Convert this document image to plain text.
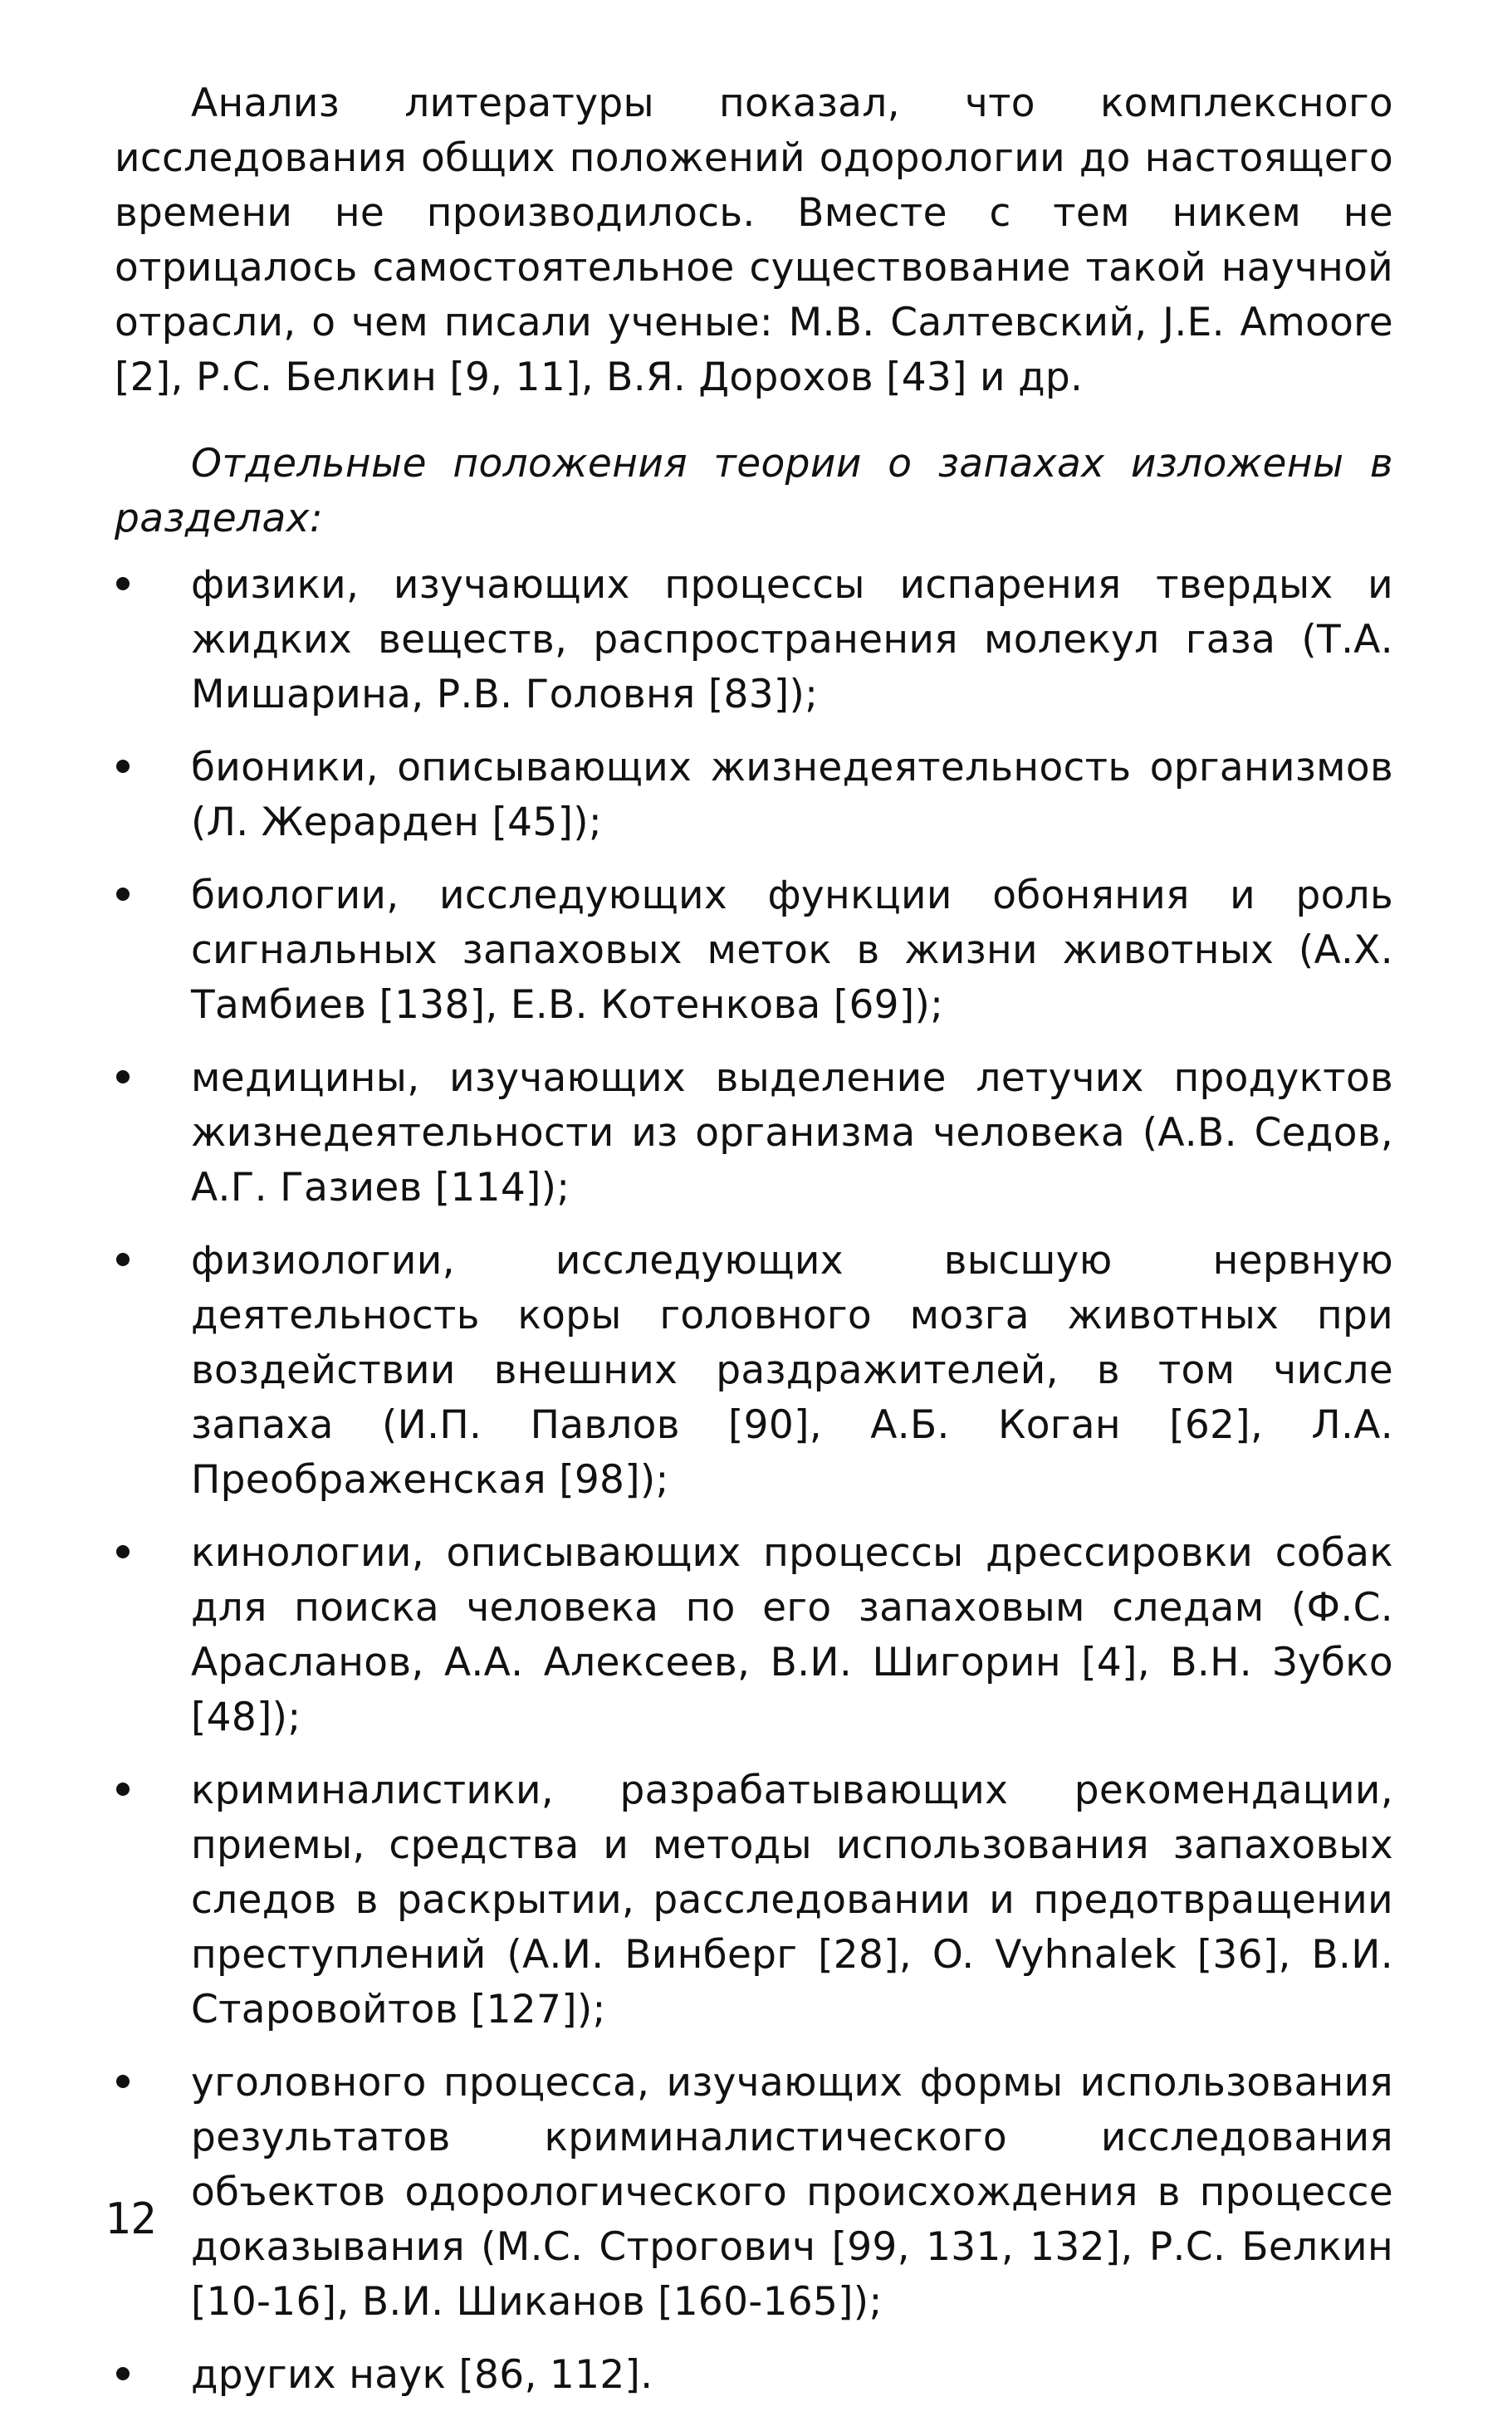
Анализ литературы показал, что комплексного исследования общих положений одорологии до настоящего времени не производилось. Вместе с тем никем не отрицалось самостоятельное существование такой научной отрасли, о чем писали ученые: М.В. Салтевский, J.E. Amoore [2], Р.С. Белкин [9, 11], В.Я. Дорохов [43] и др.

Отдельные положения теории о запахах изложены в разделах:

физики, изучающих процессы испарения твердых и жидких веществ, распространения молекул газа (Т.А. Мишарина, Р.В. Головня [83]);
бионики, описывающих жизнедеятельность организмов (Л. Жерарден [45]);
биологии, исследующих функции обоняния и роль сигнальных запаховых меток в жизни животных (А.Х. Тамбиев [138], Е.В. Котенкова [69]);
медицины, изучающих выделение летучих продуктов жизнедеятельности из организма человека (А.В. Седов, А.Г. Газиев [114]);
физиологии, исследующих высшую нервную деятельность коры головного мозга животных при воздействии внешних раздражителей, в том числе запаха (И.П. Павлов [90], А.Б. Коган [62], Л.А. Преображенская [98]);
кинологии, описывающих процессы дрессировки собак для поиска человека по его запаховым следам (Ф.С. Арасланов, А.А. Алексеев, В.И. Шигорин [4], В.Н. Зубко [48]);
криминалистики, разрабатывающих рекомендации, приемы, средства и методы использования запаховых следов в раскрытии, расследовании и предотвращении преступлений (А.И. Винберг [28], O. Vyhnalek [36], В.И. Старовойтов [127]);
уголовного процесса, изучающих формы использования результатов криминалистического исследования объектов одорологического происхождения в процессе доказывания (М.С. Строгович [99, 131, 132], Р.С. Белкин [10-16], В.И. Шиканов [160-165]);
других наук [86, 112].
12
